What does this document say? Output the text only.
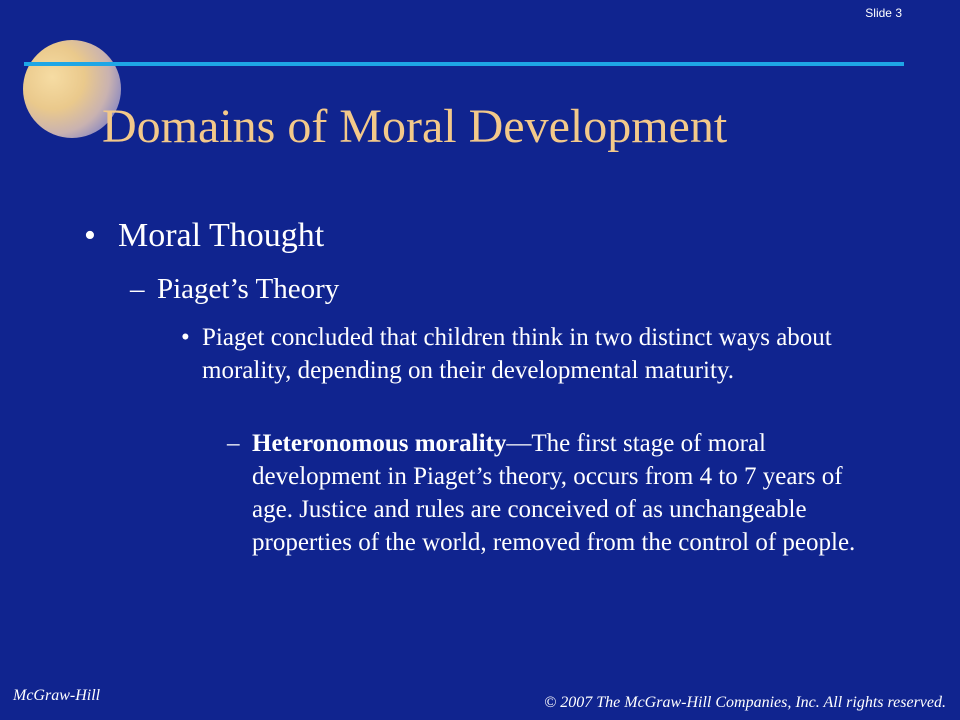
Slide 3
Domains of Moral Development
• Moral Thought
– Piaget’s Theory
• Piaget concluded that children think in two distinct ways about morality, depending on their developmental maturity.
– Heteronomous morality—The first stage of moral development in Piaget’s theory, occurs from 4 to 7 years of age. Justice and rules are conceived of as unchangeable properties of the world, removed from the control of people.
McGraw-Hill	© 2007 The McGraw-Hill Companies, Inc. All rights reserved.
